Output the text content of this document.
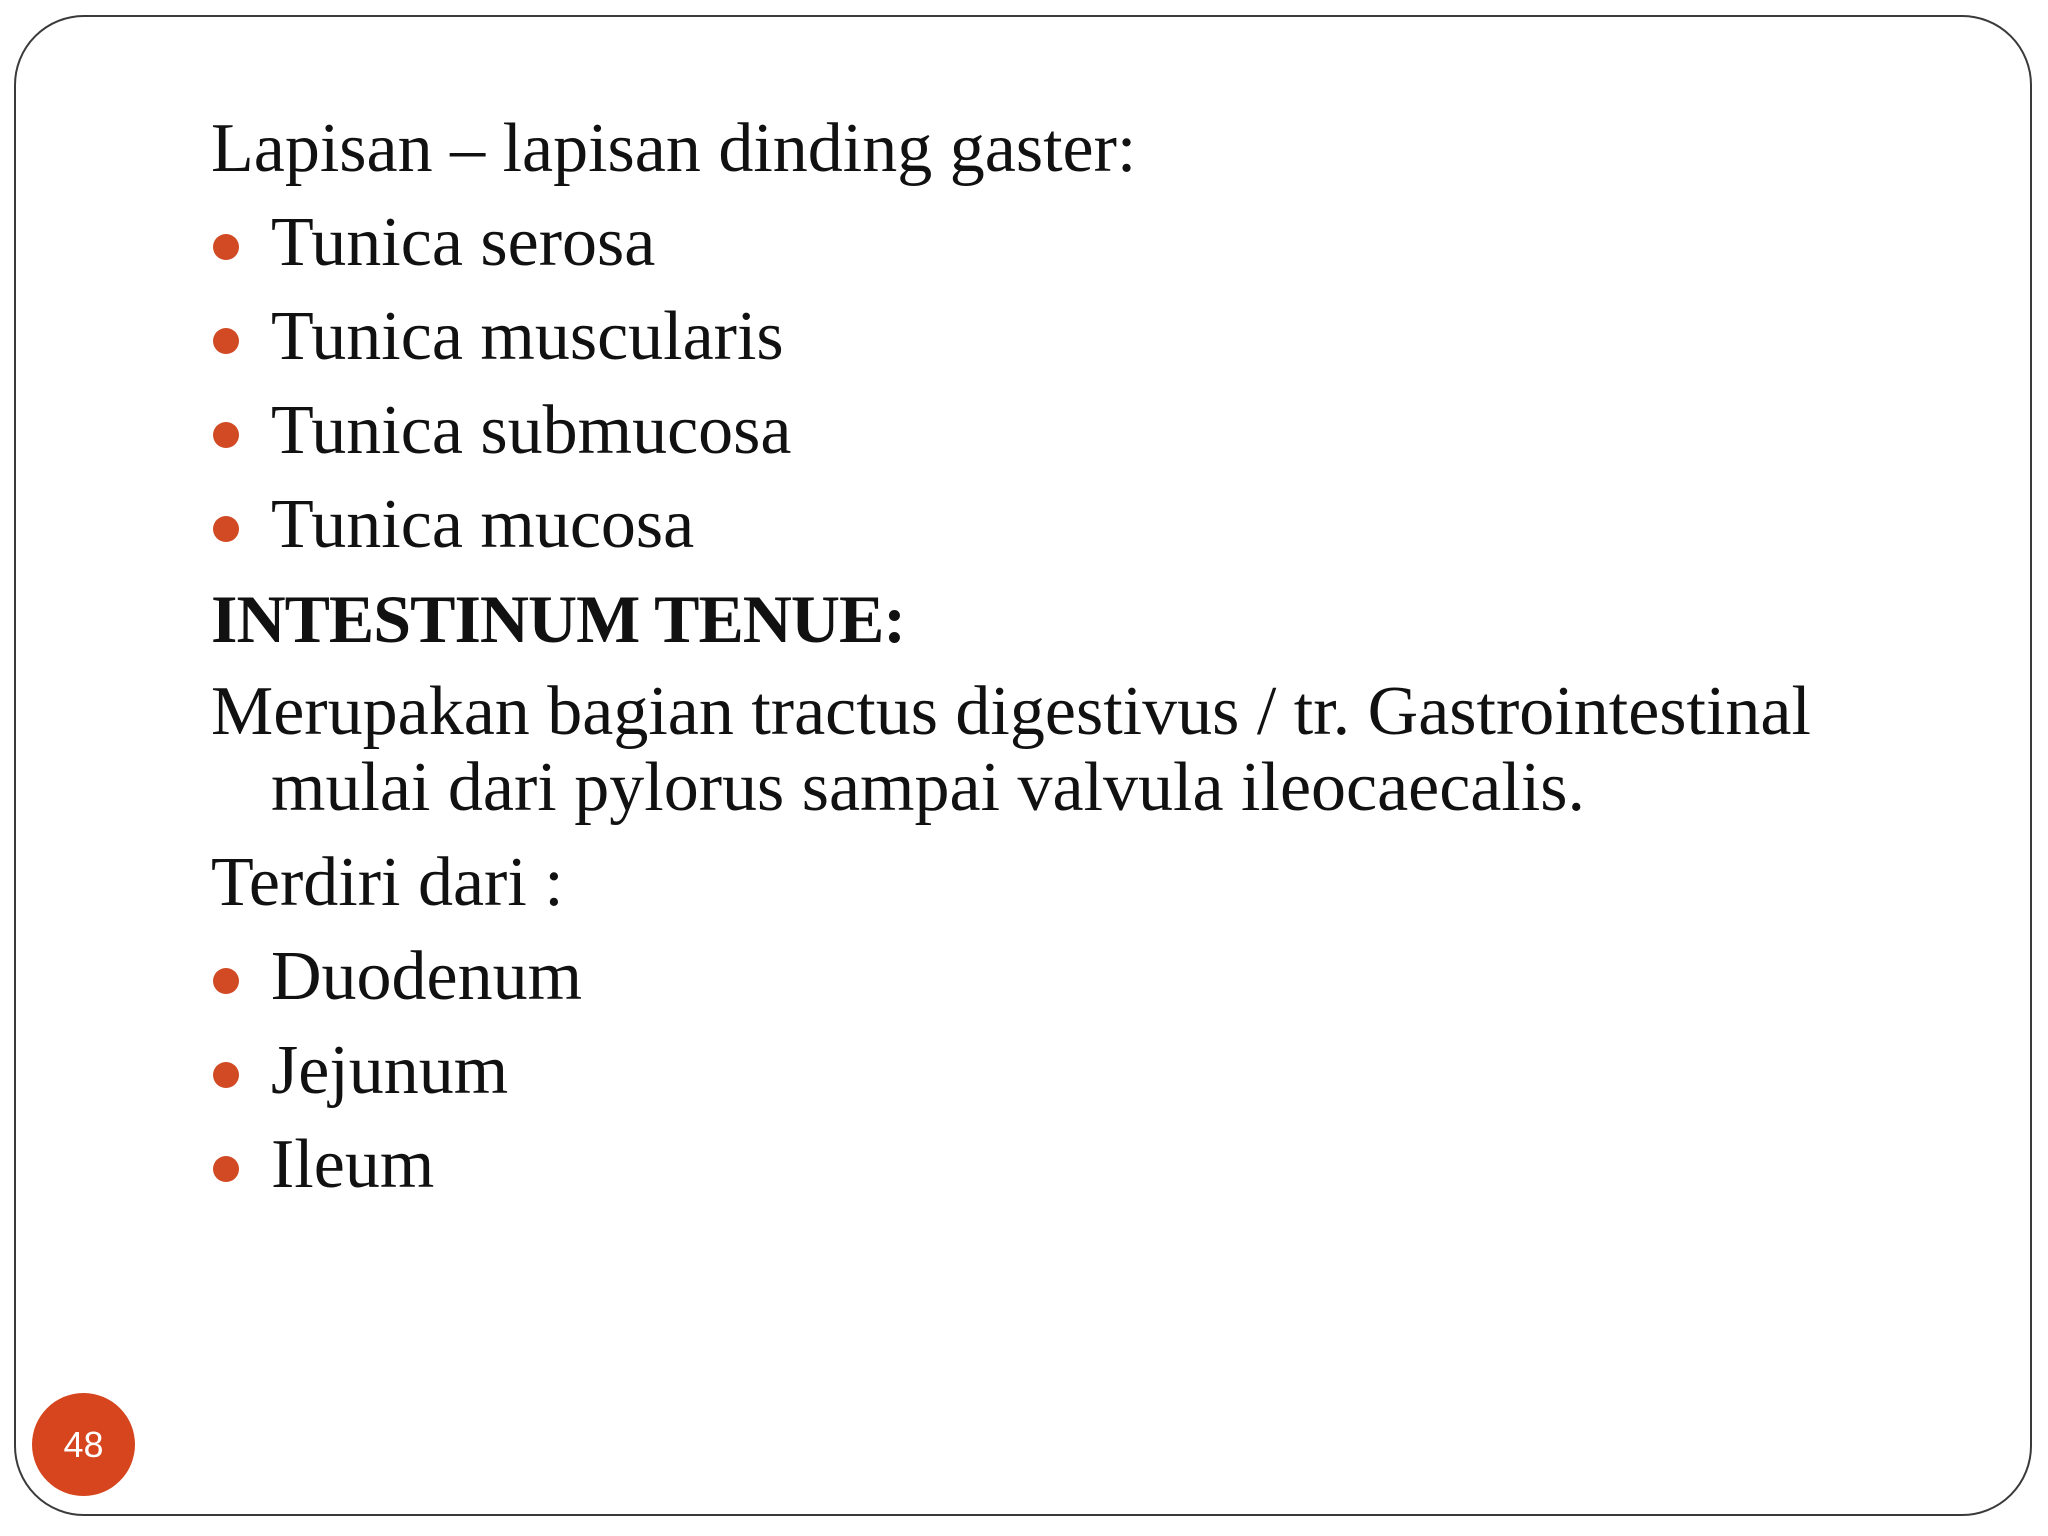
Lapisan – lapisan dinding gaster:
Tunica serosa
Tunica muscularis
Tunica submucosa
Tunica mucosa
INTESTINUM TENUE:
Merupakan bagian tractus digestivus / tr. Gastrointestinal mulai dari pylorus sampai valvula ileocaecalis.
Terdiri dari :
Duodenum
Jejunum
Ileum
48
